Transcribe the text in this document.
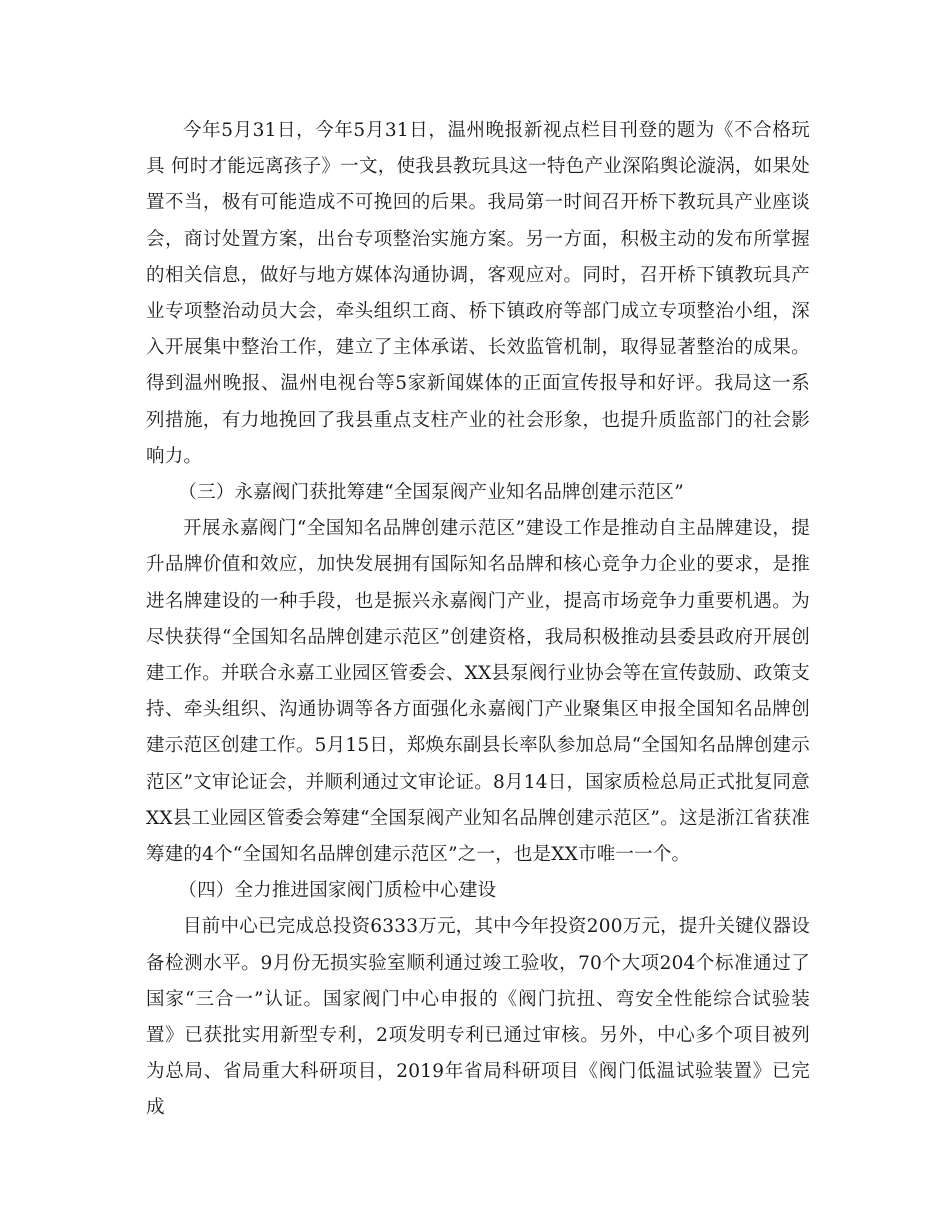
今年5月31日，今年5月31日，温州晚报新视点栏目刊登的题为《不合格玩具 何时才能远离孩子》一文，使我县教玩具这一特色产业深陷舆论漩涡，如果处置不当，极有可能造成不可挽回的后果。我局第一时间召开桥下教玩具产业座谈会，商讨处置方案，出台专项整治实施方案。另一方面，积极主动的发布所掌握的相关信息，做好与地方媒体沟通协调，客观应对。同时，召开桥下镇教玩具产业专项整治动员大会，牵头组织工商、桥下镇政府等部门成立专项整治小组，深入开展集中整治工作，建立了主体承诺、长效监管机制，取得显著整治的成果。得到温州晚报、温州电视台等5家新闻媒体的正面宣传报导和好评。我局这一系列措施，有力地挽回了我县重点支柱产业的社会形象，也提升质监部门的社会影响力。

（三）永嘉阀门获批筹建“全国泵阀产业知名品牌创建示范区”

开展永嘉阀门“全国知名品牌创建示范区”建设工作是推动自主品牌建设，提升品牌价值和效应，加快发展拥有国际知名品牌和核心竞争力企业的要求，是推进名牌建设的一种手段，也是振兴永嘉阀门产业，提高市场竞争力重要机遇。为尽快获得“全国知名品牌创建示范区”创建资格，我局积极推动县委县政府开展创建工作。并联合永嘉工业园区管委会、XX县泵阀行业协会等在宣传鼓励、政策支持、牵头组织、沟通协调等各方面强化永嘉阀门产业聚集区申报全国知名品牌创建示范区创建工作。5月15日，郑焕东副县长率队参加总局“全国知名品牌创建示范区”文审论证会，并顺利通过文审论证。8月14日，国家质检总局正式批复同意XX县工业园区管委会筹建“全国泵阀产业知名品牌创建示范区”。这是浙江省获准筹建的4个“全国知名品牌创建示范区”之一，也是XX市唯一一个。

（四）全力推进国家阀门质检中心建设

目前中心已完成总投资6333万元，其中今年投资200万元，提升关键仪器设备检测水平。9月份无损实验室顺利通过竣工验收，70个大项204个标准通过了国家“三合一”认证。国家阀门中心申报的《阀门抗扭、弯安全性能综合试验装置》已获批实用新型专利，2项发明专利已通过审核。另外，中心多个项目被列为总局、省局重大科研项目，2019年省局科研项目《阀门低温试验装置》已完成
